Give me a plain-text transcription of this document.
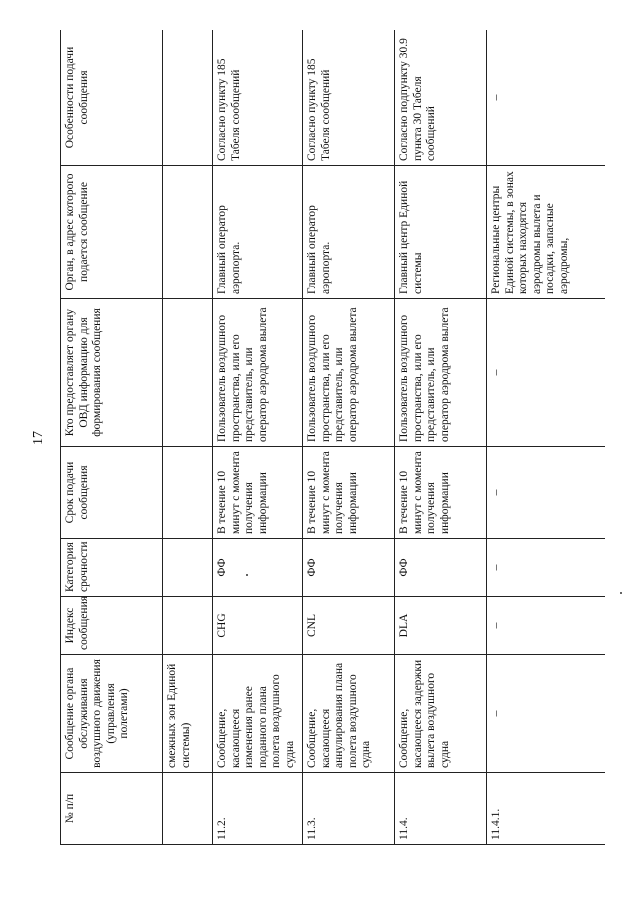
17
№ п/п	Сообщение органа обслуживания воздушного движения (управления полетами)	Индекс сообщения	Категория срочности	Срок подачи сообщения	Кто предоставляет органу ОВД информацию для формирования сообщения	Орган, в адрес которого подается сообщение	Особенности подачи сообщения
	смежных зон Единой системы)						
11.2.	Сообщение, касающееся изменения ранее поданного плана полета воздушного судна	CHG	ФФ	В течение 10 минут с момента получения информации	Пользователь воздушного пространства, или его представитель, или оператор аэродрома вылета	Главный оператор аэропорта.	Согласно пункту 185 Табеля сообщений
11.3.	Сообщение, касающееся аннулирования плана полета воздушного судна	CNL	ФФ	В течение 10 минут с момента получения информации	Пользователь воздушного пространства, или его представитель, или оператор аэродрома вылета	Главный оператор аэропорта.	Согласно пункту 185 Табеля сообщений
11.4.	Сообщение, касающееся задержки вылета воздушного судна	DLA	ФФ	В течение 10 минут с момента получения информации	Пользователь воздушного пространства, или его представитель, или оператор аэродрома вылета	Главный центр Единой системы	Согласно подпункту 30.9 пункта 30 Табеля сообщений
11.4.1.	–	–	–	–	–	Региональные центры Единой системы, в зонах которых находятся аэродромы вылета и посадки, запасные аэродромы,	–
